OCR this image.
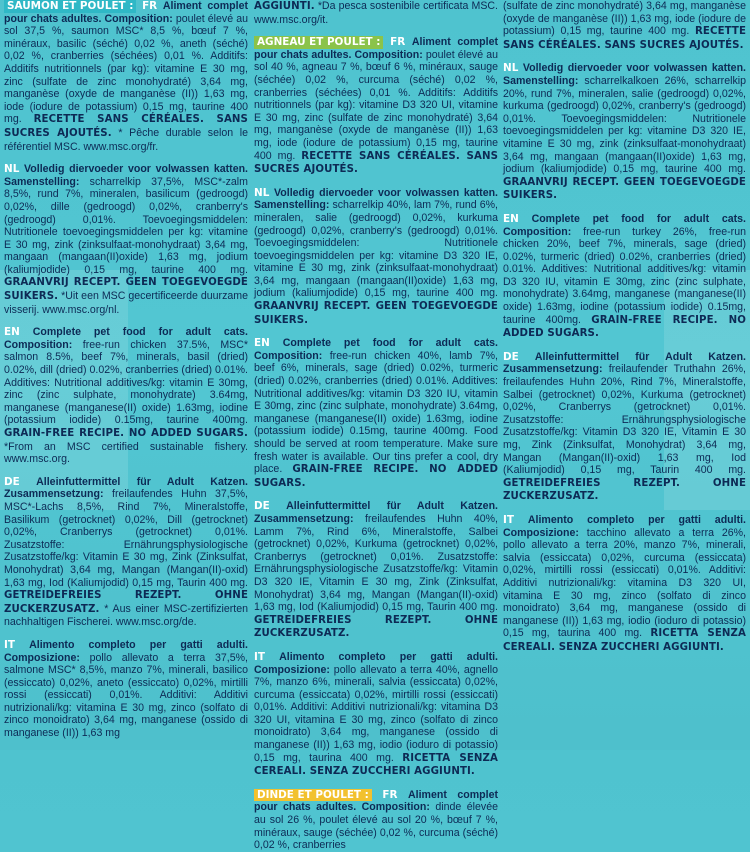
SAUMON ET POULET : FR Aliment complet pour chats adultes. Composition: poulet élevé au sol 37,5 %, saumon MSC* 8,5 %, bœuf 7 %, minéraux, basilic (séché) 0,02 %, aneth (séché) 0,02 %, cranberries (séchées) 0,01 %. Additifs: Additifs nutritionnels (par kg): vitamine E 30 mg, zinc (sulfate de zinc monohydraté) 3,64 mg, manganèse (oxyde de manganèse (II)) 1,63 mg, iode (iodure de potassium) 0,15 mg, taurine 400 mg. RECETTE SANS CÉRÉALES. SANS SUCRES AJOUTÉS. * Pêche durable selon le référentiel MSC. www.msc.org/fr.

NL Volledig diervoeder voor volwassen katten. Samenstelling: scharrelkip 37,5%, MSC*-zalm 8,5%, rund 7%, mineralen, basilicum (gedroogd) 0,02%, dille (gedroogd) 0,02%, cranberry's (gedroogd) 0,01%. Toevoegingsmiddelen: Nutritionele toevoegingsmiddelen per kg: vitamine E 30 mg, zink (zinksulfaat-monohydraat) 3,64 mg, mangaan (mangaan(II)oxide) 1,63 mg, jodium (kaliumjodide) 0,15 mg, taurine 400 mg. GRAANVRIJ RECEPT. GEEN TOEGEVOEGDE SUIKERS. *Uit een MSC gecertificeerde duurzame visserij. www.msc.org/nl.

EN Complete pet food for adult cats. Composition: free-run chicken 37.5%, MSC* salmon 8.5%, beef 7%, minerals, basil (dried) 0.02%, dill (dried) 0.02%, cranberries (dried) 0.01%. Additives: Nutritional additives/kg: vitamin E 30mg, zinc (zinc sulphate, monohydrate) 3.64mg, manganese (manganese(II) oxide) 1.63mg, iodine (potassium iodide) 0.15mg, taurine 400mg. GRAIN-FREE RECIPE. NO ADDED SUGARS. *From an MSC certified sustainable fishery. www.msc.org.

DE Alleinfuttermittel für Adult Katzen. Zusammensetzung: freilaufendes Huhn 37,5%, MSC*-Lachs 8,5%, Rind 7%, Mineralstoffe, Basilikum (getrocknet) 0,02%, Dill (getrocknet) 0,02%, Cranberrys (getrocknet) 0,01%. Zusatzstoffe: Ernährungsphysiologische Zusatzstoffe/kg: Vitamin E 30 mg, Zink (Zinksulfat, Monohydrat) 3,64 mg, Mangan (Mangan(II)-oxid) 1,63 mg, Iod (Kaliumjodid) 0,15 mg, Taurin 400 mg. GETREIDEFREIES REZEPT. OHNE ZUCKERZUSATZ. * Aus einer MSC-zertifizierten nachhaltigen Fischerei. www.msc.org/de.

IT Alimento completo per gatti adulti. Composizione: pollo allevato a terra 37,5%, salmone MSC* 8,5%, manzo 7%, minerali, basilico (essiccato) 0,02%, aneto (essiccato) 0,02%, mirtilli rossi (essiccati) 0,01%. Additivi: Additivi nutrizionali/kg: vitamina E 30 mg, zinco (solfato di zinco monoidrato) 3,64 mg, manganese (ossido di manganese (II)) 1,63 mg

AGGIUNTI. *Da pesca sostenibile certificata MSC. www.msc.org/it.

AGNEAU ET POULET : FR Aliment complet pour chats adultes. Composition: poulet élevé au sol 40 %, agneau 7 %, bœuf 6 %, minéraux, sauge (séchée) 0,02 %, curcuma (séché) 0,02 %, cranberries (séchées) 0,01 %. Additifs: Additifs nutritionnels (par kg): vitamine D3 320 UI, vitamine E 30 mg, zinc (sulfate de zinc monohydraté) 3,64 mg, manganèse (oxyde de manganèse (II)) 1,63 mg, iode (iodure de potassium) 0,15 mg, taurine 400 mg. RECETTE SANS CÉRÉALES. SANS SUCRES AJOUTÉS.

NL Volledig diervoeder voor volwassen katten. Samenstelling: scharrelkip 40%, lam 7%, rund 6%, mineralen, salie (gedroogd) 0,02%, kurkuma (gedroogd) 0,02%, cranberry's (gedroogd) 0,01%. Toevoegingsmiddelen: Nutritionele toevoegingsmiddelen per kg: vitamine D3 320 IE, vitamine E 30 mg, zink (zinksulfaat-monohydraat) 3,64 mg, mangaan (mangaan(II)oxide) 1,63 mg, jodium (kaliumjodide) 0,15 mg, taurine 400 mg. GRAANVRIJ RECEPT. GEEN TOEGEVOEGDE SUIKERS.

EN Complete pet food for adult cats. Composition: free-run chicken 40%, lamb 7%, beef 6%, minerals, sage (dried) 0.02%, turmeric (dried) 0.02%, cranberries (dried) 0.01%. Additives: Nutritional additives/kg: vitamin D3 320 IU, vitamin E 30mg, zinc (zinc sulphate, monohydrate) 3.64mg, manganese (manganese(II) oxide) 1.63mg, iodine (potassium iodide) 0.15mg, taurine 400mg. Food should be served at room temperature. Make sure fresh water is available. Our tins prefer a cool, dry place. GRAIN-FREE RECIPE. NO ADDED SUGARS.

DE Alleinfuttermittel für Adult Katzen. Zusammensetzung: freilaufendes Huhn 40%, Lamm 7%, Rind 6%, Mineralstoffe, Salbei (getrocknet) 0,02%, Kurkuma (getrocknet) 0,02%, Cranberrys (getrocknet) 0,01%. Zusatzstoffe: Ernährungsphysiologische Zusatzstoffe/kg: Vitamin D3 320 IE, Vitamin E 30 mg, Zink (Zinksulfat, Monohydrat) 3,64 mg, Mangan (Mangan(II)-oxid) 1,63 mg, Iod (Kaliumjodid) 0,15 mg, Taurin 400 mg. GETREIDEFREIES REZEPT. OHNE ZUCKERZUSATZ.

IT Alimento completo per gatti adulti. Composizione: pollo allevato a terra 40%, agnello 7%, manzo 6%, minerali, salvia (essiccata) 0,02%, curcuma (essiccata) 0,02%, mirtilli rossi (essiccati) 0,01%. Additivi: Additivi nutrizionali/kg: vitamina D3 320 UI, vitamina E 30 mg, zinco (solfato di zinco monoidrato) 3,64 mg, manganese (ossido di manganese (II)) 1,63 mg, iodio (ioduro di potassio) 0,15 mg, taurina 400 mg. RICETTA SENZA CEREALI. SENZA ZUCCHERI AGGIUNTI.

DINDE ET POULET : FR Aliment complet pour chats adultes. Composition: dinde élevée au sol 26 %, poulet élevé au sol 20 %, bœuf 7 %, minéraux, sauge (séchée) 0,02 %, curcuma (séché) 0,02 %, cranberries

(sulfate de zinc monohydraté) 3,64 mg, manganèse (oxyde de manganèse (II)) 1,63 mg, iode (iodure de potassium) 0,15 mg, taurine 400 mg. RECETTE SANS CÉRÉALES. SANS SUCRES AJOUTÉS.

NL Volledig diervoeder voor volwassen katten. Samenstelling: scharrelkalkoen 26%, scharrelkip 20%, rund 7%, mineralen, salie (gedroogd) 0,02%, kurkuma (gedroogd) 0,02%, cranberry's (gedroogd) 0,01%. Toevoegingsmiddelen: Nutritionele toevoegingsmiddelen per kg: vitamine D3 320 IE, vitamine E 30 mg, zink (zinksulfaat-monohydraat) 3,64 mg, mangaan (mangaan(II)oxide) 1,63 mg, jodium (kaliumjodide) 0,15 mg, taurine 400 mg. GRAANVRIJ RECEPT. GEEN TOEGEVOEGDE SUIKERS.

EN Complete pet food for adult cats. Composition: free-run turkey 26%, free-run chicken 20%, beef 7%, minerals, sage (dried) 0.02%, turmeric (dried) 0.02%, cranberries (dried) 0.01%. Additives: Nutritional additives/kg: vitamin D3 320 IU, vitamin E 30mg, zinc (zinc sulphate, monohydrate) 3.64mg, manganese (manganese(II) oxide) 1.63mg, iodine (potassium iodide) 0.15mg, taurine 400mg. GRAIN-FREE RECIPE. NO ADDED SUGARS.

DE Alleinfuttermittel für Adult Katzen. Zusammensetzung: freilaufender Truthahn 26%, freilaufendes Huhn 20%, Rind 7%, Mineralstoffe, Salbei (getrocknet) 0,02%, Kurkuma (getrocknet) 0,02%, Cranberrys (getrocknet) 0,01%. Zusatzstoffe: Ernährungsphysiologische Zusatzstoffe/kg: Vitamin D3 320 IE, Vitamin E 30 mg, Zink (Zinksulfat, Monohydrat) 3,64 mg, Mangan (Mangan(II)-oxid) 1,63 mg, Iod (Kaliumjodid) 0,15 mg, Taurin 400 mg. GETREIDEFREIES REZEPT. OHNE ZUCKERZUSATZ.

IT Alimento completo per gatti adulti. Composizione: tacchino allevato a terra 26%, pollo allevato a terra 20%, manzo 7%, minerali, salvia (essiccata) 0,02%, curcuma (essiccata) 0,02%, mirtilli rossi (essiccati) 0,01%. Additivi: Additivi nutrizionali/kg: vitamina D3 320 UI, vitamina E 30 mg, zinco (solfato di zinco monoidrato) 3,64 mg, manganese (ossido di manganese (II)) 1,63 mg, iodio (ioduro di potassio) 0,15 mg, taurina 400 mg. RICETTA SENZA CEREALI. SENZA ZUCCHERI AGGIUNTI.
